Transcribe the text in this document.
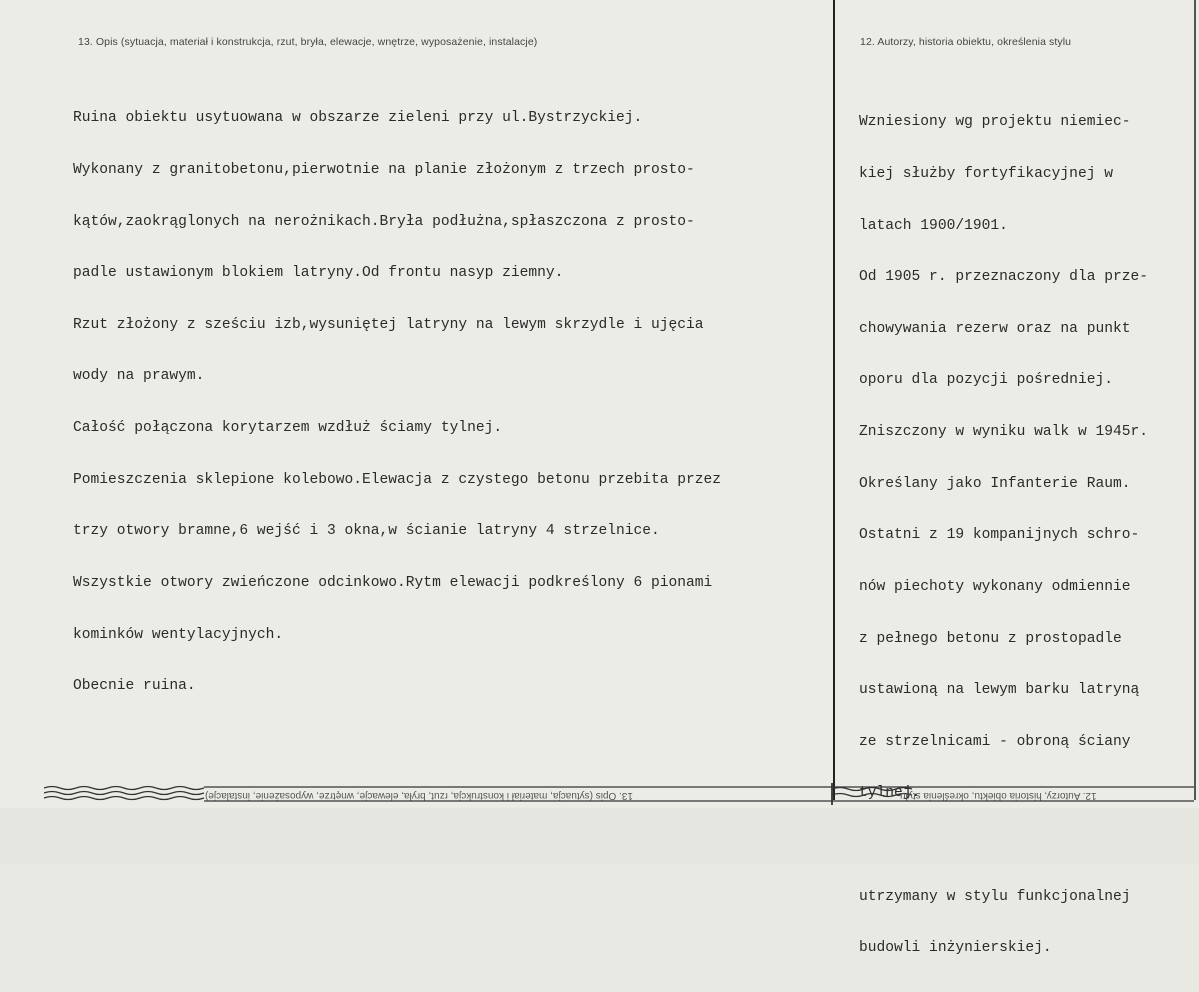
13. Opis (sytuacja, materiał i konstrukcja, rzut, bryła, elewacje, wnętrze, wyposażenie, instalacje)	12. Autorzy, historia obiektu, określenia stylu

Ruina obiektu usytuowana w obszarze zieleni przy ul.Bystrzyckiej.

Wykonany z granitobetonu,pierwotnie na planie złożonym z trzech prosto-

kątów,zaokrąglonych na nerożnikach.Bryła podłużna,spłaszczona z prosto-

padle ustawionym blokiem latryny.Od frontu nasyp ziemny.

Rzut złożony z sześciu izb,wysuniętej latryny na lewym skrzydle i ujęcia

wody na prawym.

Całość połączona korytarzem wzdłuż ściamy tylnej.

Pomieszczenia sklepione kolebowo.Elewacja z czystego betonu przebita przez

trzy otwory bramne,6 wejść i 3 okna,w ścianie latryny 4 strzelnice.

Wszystkie otwory zwieńczone odcinkowo.Rytm elewacji podkreślony 6 pionami

kominków wentylacyjnych.

Obecnie ruina.

Wzniesiony wg projektu niemiec-

kiej służby fortyfikacyjnej w

latach 1900/1901.

Od 1905 r. przeznaczony dla prze-

chowywania rezerw oraz na punkt

oporu dla pozycji pośredniej.

Zniszczony w wyniku walk w 1945r.

Określany jako Infanterie Raum.

Ostatni z 19 kompanijnych schro-

nów piechoty wykonany odmiennie

z pełnego betonu z prostopadle

ustawioną na lewym barku latryną

ze strzelnicami - obroną ściany

tylnej.

utrzymany w stylu funkcjonalnej

budowli inżynierskiej.

13. Opis (sytuacja, materiał i konstrukcja, rzut, bryła, elewacje, wnętrze, wyposażenie, instalacje)	12. Autorzy, historia obiektu, określenia stylu
